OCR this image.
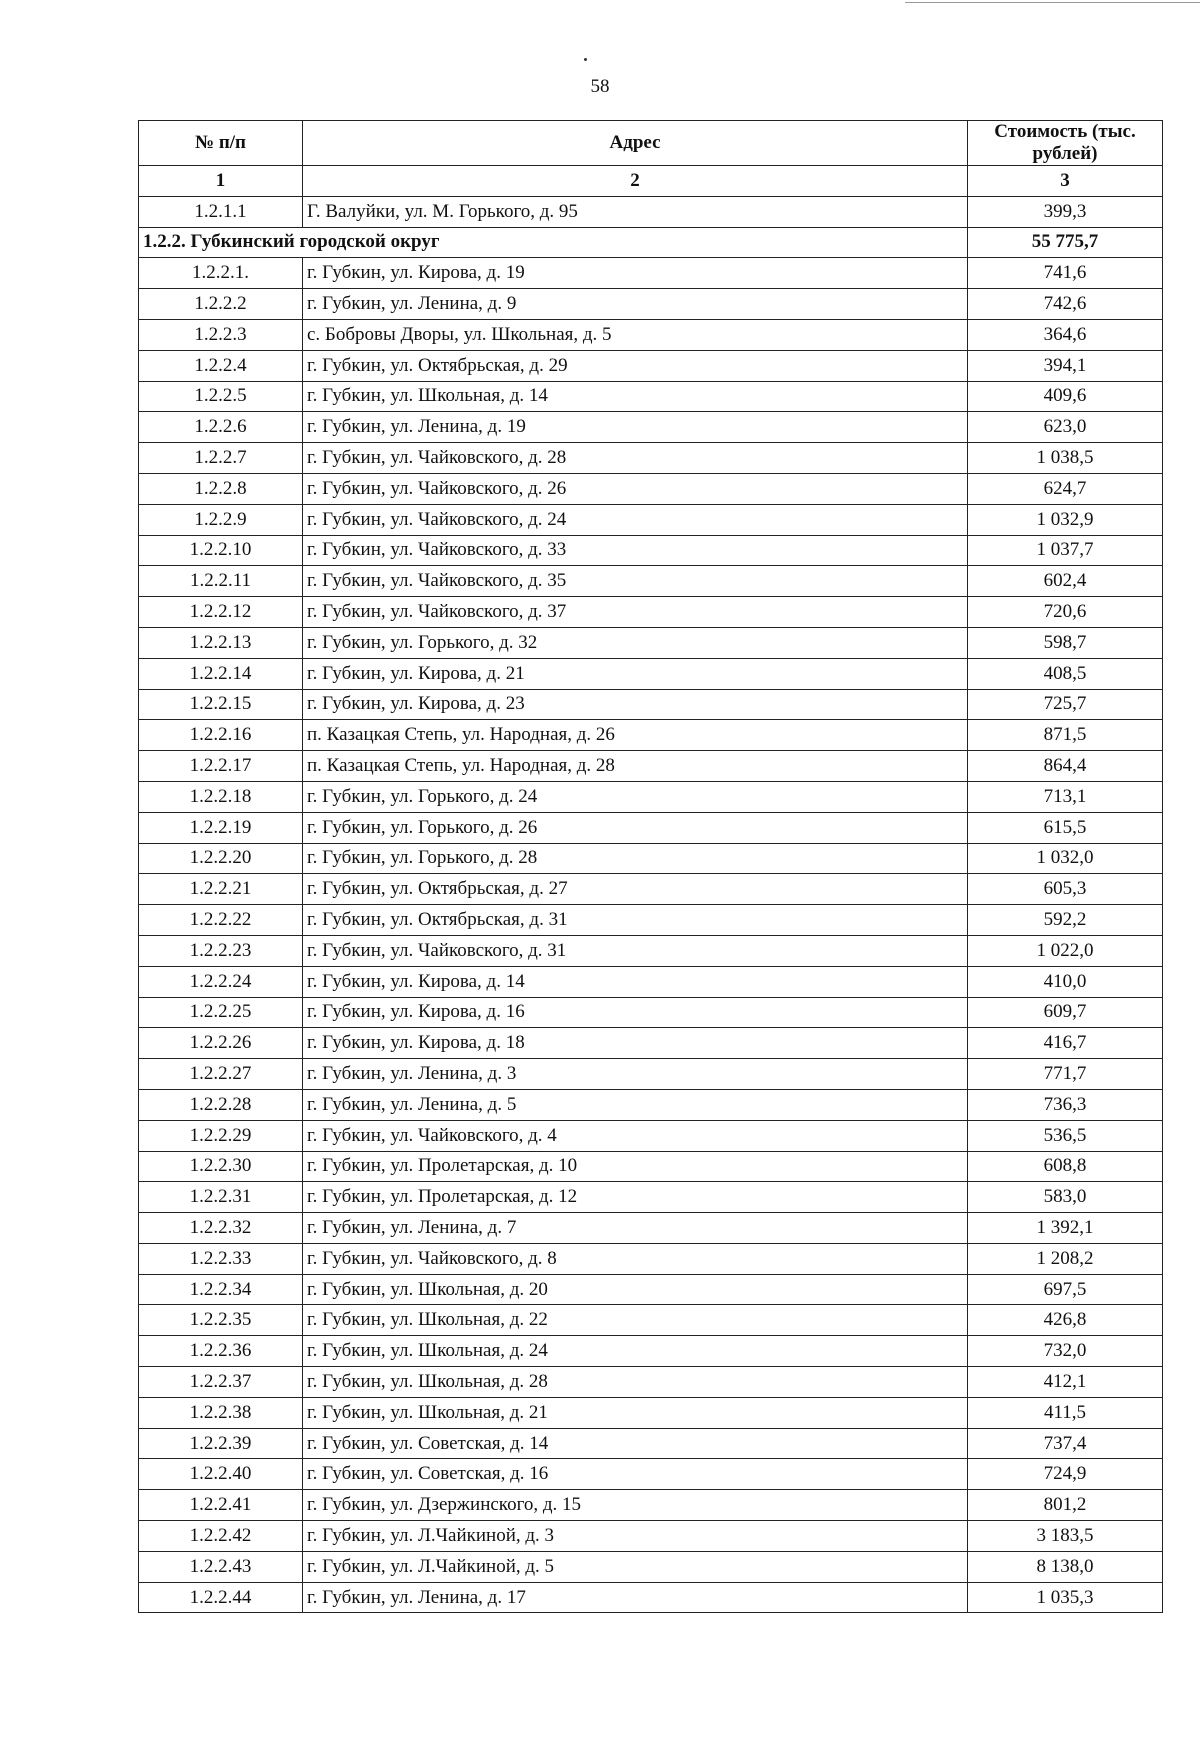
58
№ п/п	Адрес	Стоимость (тыс. рублей)
1	2	3
1.2.1.1	Г. Валуйки, ул. М. Горького, д. 95	399,3
1.2.2. Губкинский городской округ		55 775,7
1.2.2.1.	г. Губкин, ул. Кирова, д. 19	741,6
1.2.2.2	г. Губкин, ул. Ленина, д. 9	742,6
1.2.2.3	с. Бобровы Дворы, ул. Школьная, д. 5	364,6
1.2.2.4	г. Губкин, ул. Октябрьская, д. 29	394,1
1.2.2.5	г. Губкин, ул. Школьная, д. 14	409,6
1.2.2.6	г. Губкин, ул. Ленина, д. 19	623,0
1.2.2.7	г. Губкин, ул. Чайковского, д. 28	1 038,5
1.2.2.8	г. Губкин, ул. Чайковского, д. 26	624,7
1.2.2.9	г. Губкин, ул. Чайковского, д. 24	1 032,9
1.2.2.10	г. Губкин, ул. Чайковского, д. 33	1 037,7
1.2.2.11	г. Губкин, ул. Чайковского, д. 35	602,4
1.2.2.12	г. Губкин, ул. Чайковского, д. 37	720,6
1.2.2.13	г. Губкин, ул. Горького, д. 32	598,7
1.2.2.14	г. Губкин, ул. Кирова, д. 21	408,5
1.2.2.15	г. Губкин, ул. Кирова, д. 23	725,7
1.2.2.16	п. Казацкая Степь, ул. Народная, д. 26	871,5
1.2.2.17	п. Казацкая Степь, ул. Народная, д. 28	864,4
1.2.2.18	г. Губкин, ул. Горького, д. 24	713,1
1.2.2.19	г. Губкин, ул. Горького, д. 26	615,5
1.2.2.20	г. Губкин, ул. Горького, д. 28	1 032,0
1.2.2.21	г. Губкин, ул. Октябрьская, д. 27	605,3
1.2.2.22	г. Губкин, ул. Октябрьская, д. 31	592,2
1.2.2.23	г. Губкин, ул. Чайковского, д. 31	1 022,0
1.2.2.24	г. Губкин, ул. Кирова, д. 14	410,0
1.2.2.25	г. Губкин, ул. Кирова, д. 16	609,7
1.2.2.26	г. Губкин, ул. Кирова, д. 18	416,7
1.2.2.27	г. Губкин, ул. Ленина, д. 3	771,7
1.2.2.28	г. Губкин, ул. Ленина, д. 5	736,3
1.2.2.29	г. Губкин, ул. Чайковского, д. 4	536,5
1.2.2.30	г. Губкин, ул. Пролетарская, д. 10	608,8
1.2.2.31	г. Губкин, ул. Пролетарская, д. 12	583,0
1.2.2.32	г. Губкин, ул. Ленина, д. 7	1 392,1
1.2.2.33	г. Губкин, ул. Чайковского, д. 8	1 208,2
1.2.2.34	г. Губкин, ул. Школьная, д. 20	697,5
1.2.2.35	г. Губкин, ул. Школьная, д. 22	426,8
1.2.2.36	г. Губкин, ул. Школьная, д. 24	732,0
1.2.2.37	г. Губкин, ул. Школьная, д. 28	412,1
1.2.2.38	г. Губкин, ул. Школьная, д. 21	411,5
1.2.2.39	г. Губкин, ул. Советская, д. 14	737,4
1.2.2.40	г. Губкин, ул. Советская, д. 16	724,9
1.2.2.41	г. Губкин, ул. Дзержинского, д. 15	801,2
1.2.2.42	г. Губкин, ул. Л.Чайкиной, д. 3	3 183,5
1.2.2.43	г. Губкин, ул. Л.Чайкиной, д. 5	8 138,0
1.2.2.44	г. Губкин, ул. Ленина, д. 17	1 035,3
